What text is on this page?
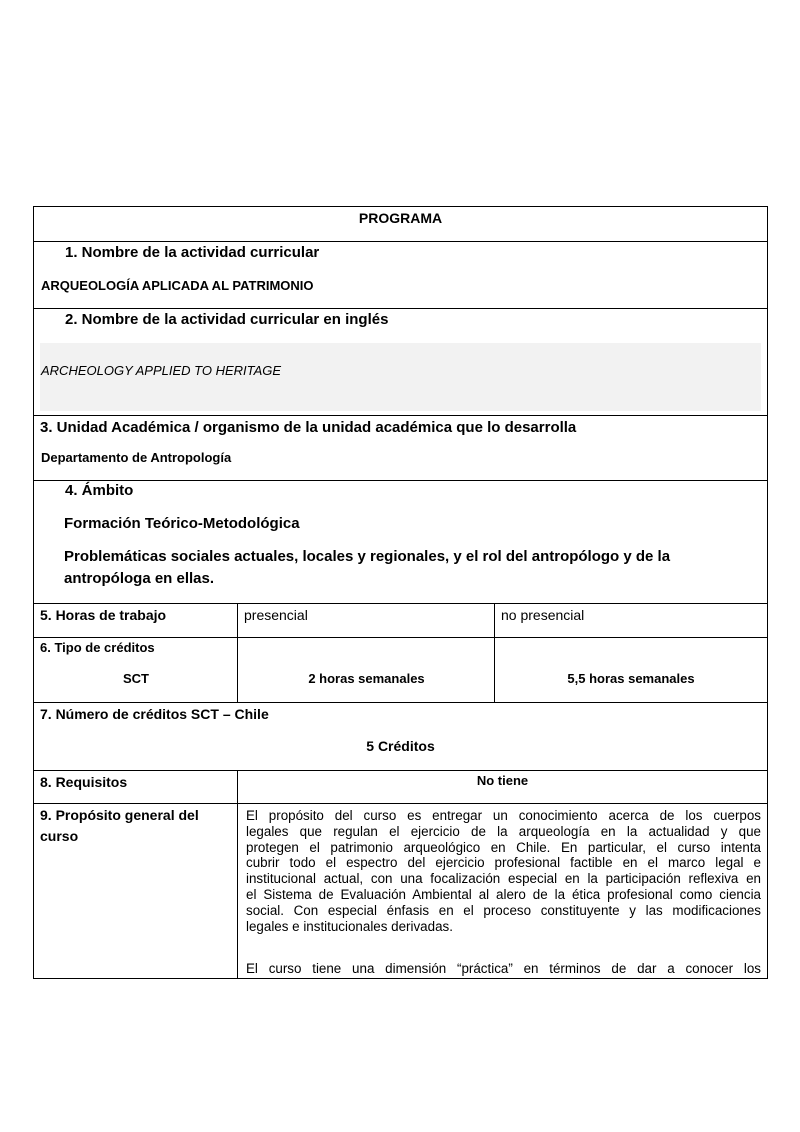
PROGRAMA
1. Nombre de la actividad curricular
ARQUEOLOGÍA APLICADA AL PATRIMONIO
2. Nombre de la actividad curricular en inglés
ARCHEOLOGY APPLIED TO HERITAGE
3. Unidad Académica / organismo de la unidad académica que lo desarrolla
Departamento de Antropología
4. Ámbito
Formación Teórico-Metodológica
Problemáticas sociales actuales, locales y regionales, y el rol del antropólogo y de la
antropóloga en ellas.
5. Horas de trabajo	presencial	no presencial
6. Tipo de créditos
SCT	2 horas semanales	5,5 horas semanales
7. Número de créditos SCT – Chile
5 Créditos
8. Requisitos	No tiene
9. Propósito general del
curso
El propósito del curso es entregar un conocimiento acerca de los cuerpos
legales que regulan el ejercicio de la arqueología en la actualidad y que
protegen el patrimonio arqueológico en Chile. En particular, el curso intenta
cubrir todo el espectro del ejercicio profesional factible en el marco legal e
institucional actual, con una focalización especial en la participación reflexiva en
el Sistema de Evaluación Ambiental al alero de la ética profesional como ciencia
social. Con especial énfasis en el proceso constituyente y las modificaciones
legales e institucionales derivadas.
El curso tiene una dimensión “práctica” en términos de dar a conocer los
